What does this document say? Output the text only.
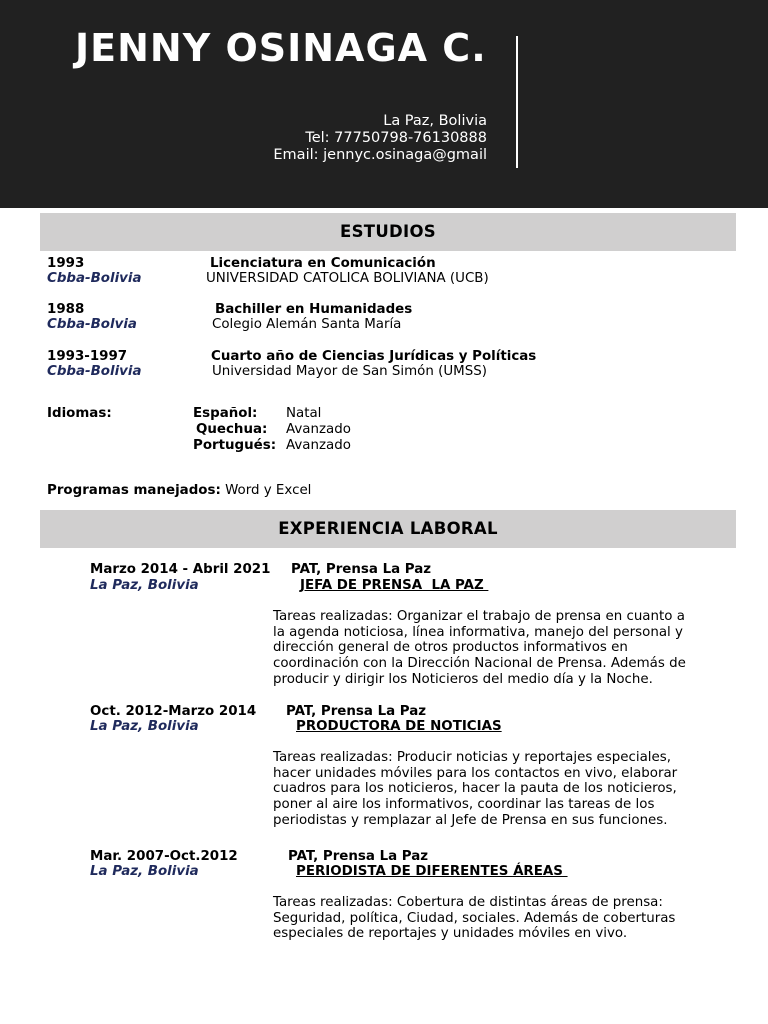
JENNY OSINAGA C.
La Paz, Bolivia
Tel: 77750798-76130888
Email: jennyc.osinaga@gmail
ESTUDIOS
1993	Licenciatura en Comunicación
Cbba-Bolivia	UNIVERSIDAD CATOLICA BOLIVIANA (UCB)
1988	Bachiller en Humanidades
Cbba-Bolvia	Colegio Alemán Santa María
1993-1997	Cuarto año de Ciencias Jurídicas y Políticas
Cbba-Bolivia	Universidad Mayor de San Simón (UMSS)
Idiomas:	Español: Natal
Quechua: Avanzado
Portugués: Avanzado
Programas manejados: Word y Excel
EXPERIENCIA LABORAL
Marzo 2014 - Abril 2021 PAT, Prensa La Paz
La Paz, Bolivia	JEFA DE PRENSA  LA PAZ
Tareas realizadas: Organizar el trabajo de prensa en cuanto a
la agenda noticiosa, línea informativa, manejo del personal y
dirección general de otros productos informativos en
coordinación con la Dirección Nacional de Prensa. Además de
producir y dirigir los Noticieros del medio día y la Noche.
Oct. 2012-Marzo 2014 PAT, Prensa La Paz
La Paz, Bolivia	PRODUCTORA DE NOTICIAS
Tareas realizadas: Producir noticias y reportajes especiales,
hacer unidades móviles para los contactos en vivo, elaborar
cuadros para los noticieros, hacer la pauta de los noticieros,
poner al aire los informativos, coordinar las tareas de los
periodistas y remplazar al Jefe de Prensa en sus funciones.
Mar. 2007-Oct.2012	PAT, Prensa La Paz
La Paz, Bolivia	PERIODISTA DE DIFERENTES ÁREAS
Tareas realizadas: Cobertura de distintas áreas de prensa:
Seguridad, política, Ciudad, sociales. Además de coberturas
especiales de reportajes y unidades móviles en vivo.
